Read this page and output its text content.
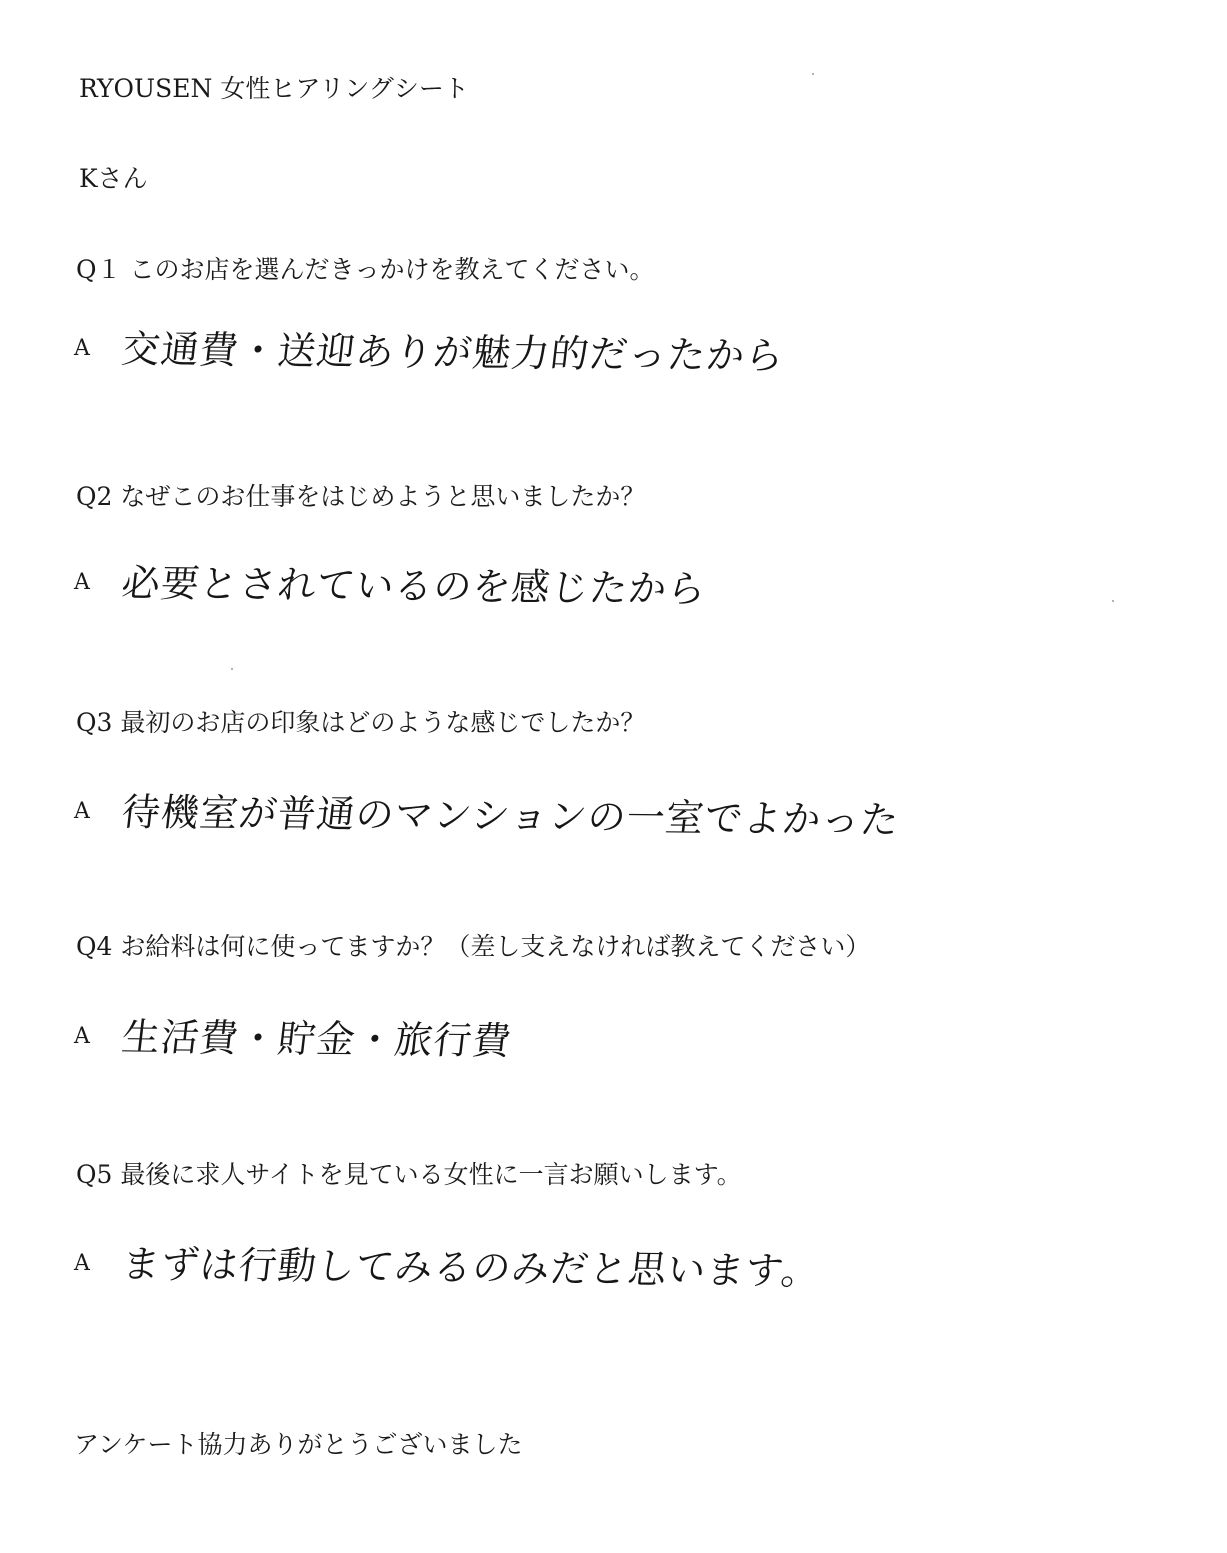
RYOUSEN 女性ヒアリングシート
Kさん
Q１ このお店を選んだきっかけを教えてください。
A 交通費・送迎ありが魅力的だったから
Q2 なぜこのお仕事をはじめようと思いましたか？
A 必要とされているのを感じたから
Q3 最初のお店の印象はどのような感じでしたか？
A 待機室が普通のマンションの一室でよかった
Q4 お給料は何に使ってますか？（差し支えなければ教えてください）
A 生活費・貯金・旅行費
Q5 最後に求人サイトを見ている女性に一言お願いします。
A まずは行動してみるのみだと思います。
アンケート協力ありがとうございました
